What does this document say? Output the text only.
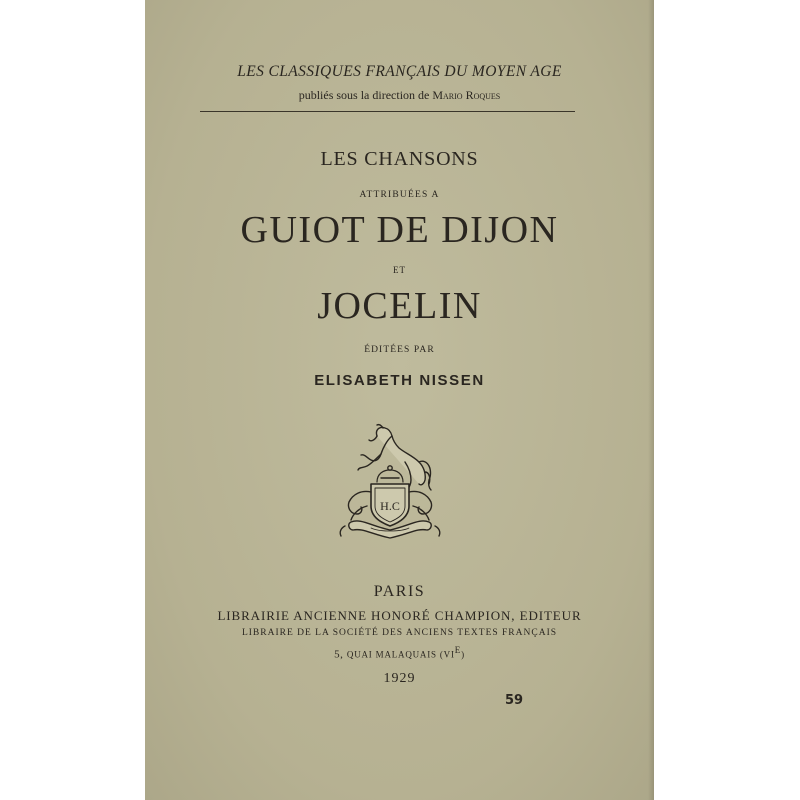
LES CLASSIQUES FRANÇAIS DU MOYEN AGE
publiés sous la direction de Mario Roques
LES CHANSONS
ATTRIBUÉES A
GUIOT DE DIJON
ET
JOCELIN
ÉDITÉES PAR
ELISABETH NISSEN
H.C
PARIS
LIBRAIRIE ANCIENNE HONORÉ CHAMPION, EDITEUR
LIBRAIRE DE LA SOCIÉTÉ DES ANCIENS TEXTES FRANÇAIS
5, QUAI MALAQUAIS $(VI^E)$
1929
59
